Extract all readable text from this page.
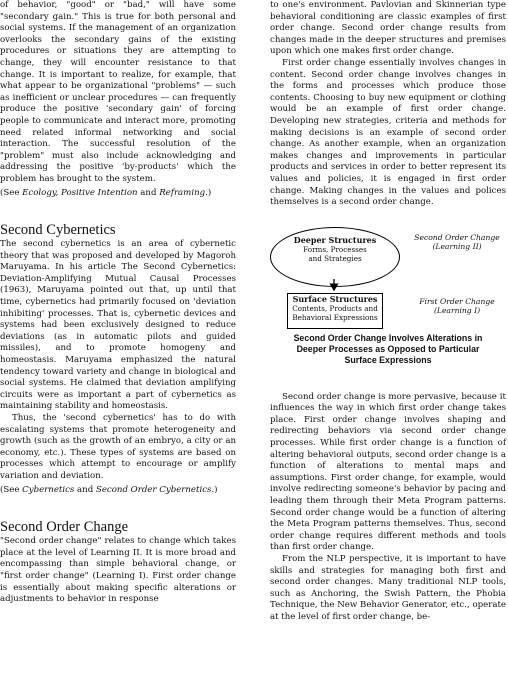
of behavior, "good" or "bad," will have some "secondary gain." This is true for both personal and social systems. If the management of an organization overlooks the secondary gains of the existing procedures or situations they are attempting to change, they will encounter resistance to that change. It is important to realize, for example, that what appear to be organizational "problems" — such as inefficient or unclear procedures — can frequently produce the positive 'secondary gain' of forcing people to communicate and interact more, promoting need related informal networking and social interaction. The successful resolution of the "problem" must also include acknowledging and addressing the positive 'by-products' which the problem has brought to the system.

(See Ecology, Positive Intention and Reframing.)

Second Cybernetics

The second cybernetics is an area of cybernetic theory that was proposed and developed by Magoroh Maruyama. In his article The Second Cybernetics: Deviation-Amplifying Mutual Causal Processes (1963), Maruyama pointed out that, up until that time, cybernetics had primarily focused on 'deviation inhibiting' processes. That is, cybernetic devices and systems had been exclusively designed to reduce deviations (as in automatic pilots and guided missiles), and to promote homogeny and homeostasis. Maruyama emphasized the natural tendency toward variety and change in biological and social systems. He claimed that deviation amplifying circuits were as important a part of cybernetics as maintaining stability and homeostasis.

Thus, the 'second cybernetics' has to do with escalating systems that promote heterogeneity and growth (such as the growth of an embryo, a city or an economy, etc.). These types of systems are based on processes which attempt to encourage or amplify variation and deviation.

(See Cybernetics and Second Order Cybernetics.)

Second Order Change

"Second order change" relates to change which takes place at the level of Learning II. It is more broad and encompassing than simple behavioral change, or "first order change" (Learning I). First order change is essentially about making specific alterations or adjustments to behavior in response

to one's environment. Pavlovian and Skinnerian type behavioral conditioning are classic examples of first order change. Second order change results from changes made in the deeper structures and premises upon which one makes first order change.

First order change essentially involves changes in content. Second order change involves changes in the forms and processes which produce those contents. Choosing to buy new equipment or clothing would be an example of first order change. Developing new strategies, criteria and methods for making decisions is an example of second order change. As another example, when an organization makes changes and improvements in particular products and services in order to better represent its values and policies, it is engaged in first order change. Making changes in the values and polices themselves is a second order change.

Deeper Structures
Forms, Processes
and Strategies
Surface Structures
Contents, Products and
Behavioral Expressions
Second Order Change
(Learning II)
First Order Change
(Learning I)
Second Order Change Involves Alterations in
Deeper Processes as Opposed to Particular
Surface Expressions

Second order change is more pervasive, because it influences the way in which first order change takes place. First order change involves shaping and redirecting behaviors via second order change processes. While first order change is a function of altering behavioral outputs, second order change is a function of alterations to mental maps and assumptions. First order change, for example, would involve redirecting someone's behavior by pacing and leading them through their Meta Program patterns. Second order change would be a function of altering the Meta Program patterns themselves. Thus, second order change requires different methods and tools than first order change.

From the NLP perspective, it is important to have skills and strategies for managing both first and second order changes. Many traditional NLP tools, such as Anchoring, the Swish Pattern, the Phobia Technique, the New Behavior Generator, etc., operate at the level of first order change, be-
